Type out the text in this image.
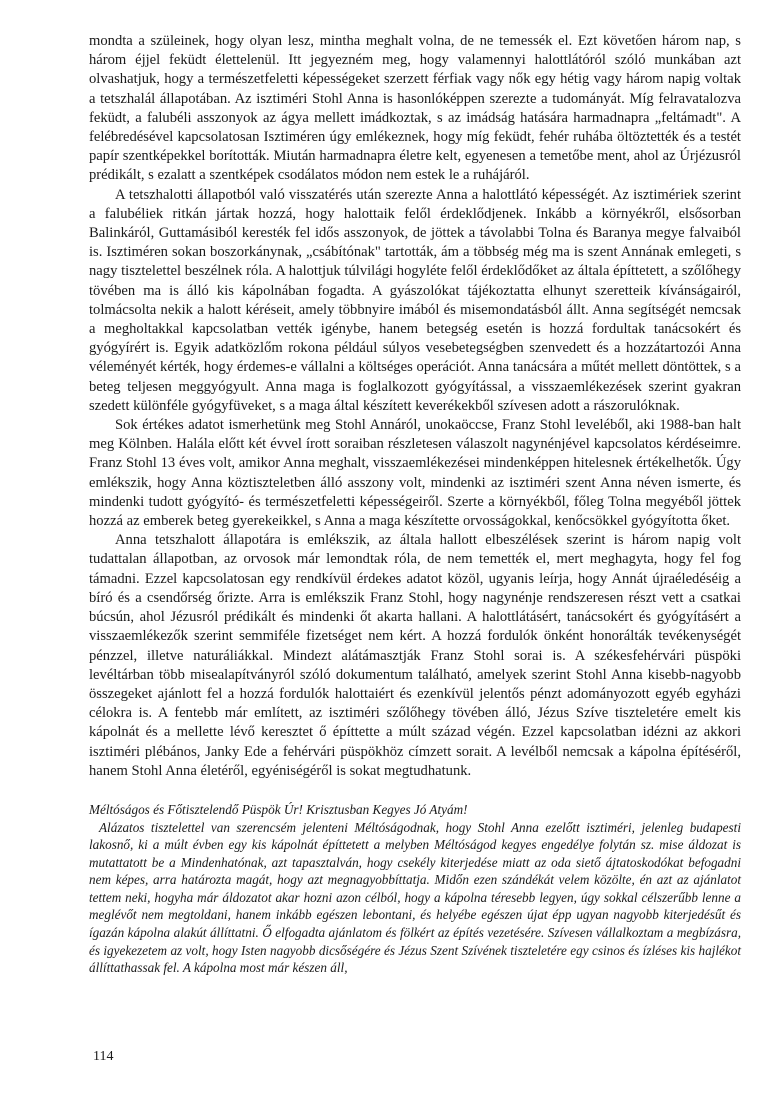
mondta a szüleinek, hogy olyan lesz, mintha meghalt volna, de ne temessék el. Ezt követően három nap, s három éjjel feküdt élettelenül. Itt jegyezném meg, hogy valamennyi halottlátóról szóló munkában azt olvashatjuk, hogy a természetfeletti képességeket szerzett férfiak vagy nők egy hétig vagy három napig voltak a tetszhalál állapotában. Az isztiméri Stohl Anna is hasonlóképpen szerezte a tudományát. Míg felravatalozva feküdt, a falubéli asszonyok az ágya mellett imádkoztak, s az imádság hatására harmadnapra „feltámadt". A felébredésével kapcsolatosan Isztiméren úgy emlékeznek, hogy míg feküdt, fehér ruhába öltöztették és a testét papír szentképekkel borították. Miután harmadnapra életre kelt, egyenesen a temetőbe ment, ahol az Úrjézusról prédikált, s ezalatt a szentképek csodálatos módon nem estek le a ruhájáról.

A tetszhalotti állapotból való visszatérés után szerezte Anna a halottlátó képességét. Az isztimériek szerint a falubéliek ritkán jártak hozzá, hogy halottaik felől érdeklődjenek. Inkább a környékről, elsősorban Balinkáról, Guttamásiból keresték fel idős asszonyok, de jöttek a távolabbi Tolna és Baranya megye falvaiból is. Isztiméren sokan boszorkánynak, „csábítónak" tartották, ám a többség még ma is szent Annának emlegeti, s nagy tisztelettel beszélnek róla. A halottjuk túlvilági hogyléte felől érdeklődőket az általa építtetett, a szőlőhegy tövében ma is álló kis kápolnában fogadta. A gyászolókat tájékoztatta elhunyt szeretteik kívánságairól, tolmácsolta nekik a halott kéréseit, amely többnyire imából és misemondatásból állt. Anna segítségét nemcsak a megholtakkal kapcsolatban vették igénybe, hanem betegség esetén is hozzá fordultak tanácsokért és gyógyírért is. Egyik adatközlőm rokona például súlyos vesebetegségben szenvedett és a hozzátartozói Anna véleményét kérték, hogy érdemes-e vállalni a költséges operációt. Anna tanácsára a műtét mellett döntöttek, s a beteg teljesen meggyógyult. Anna maga is foglalkozott gyógyítással, a visszaemlékezések szerint gyakran szedett különféle gyógyfüveket, s a maga által készített keverékekből szívesen adott a rászorulóknak.

Sok értékes adatot ismerhetünk meg Stohl Annáról, unokaöccse, Franz Stohl leveléből, aki 1988-ban halt meg Kölnben. Halála előtt két évvel írott soraiban részletesen válaszolt nagynénjével kapcsolatos kérdéseimre. Franz Stohl 13 éves volt, amikor Anna meghalt, visszaemlékezései mindenképpen hitelesnek értékelhetők. Úgy emlékszik, hogy Anna köztiszteletben álló asszony volt, mindenki az isztiméri szent Anna néven ismerte, és mindenki tudott gyógyító- és természetfeletti képességeiről. Szerte a környékből, főleg Tolna megyéből jöttek hozzá az emberek beteg gyerekeikkel, s Anna a maga készítette orvosságokkal, kenőcsökkel gyógyította őket.

Anna tetszhalott állapotára is emlékszik, az általa hallott elbeszélések szerint is három napig volt tudattalan állapotban, az orvosok már lemondtak róla, de nem temették el, mert meghagyta, hogy fel fog támadni. Ezzel kapcsolatosan egy rendkívül érdekes adatot közöl, ugyanis leírja, hogy Annát újraéledéséig a bíró és a csendőrség őrizte. Arra is emlékszik Franz Stohl, hogy nagynénje rendszeresen részt vett a csatkai búcsún, ahol Jézusról prédikált és mindenki őt akarta hallani. A halottlátásért, tanácsokért és gyógyításért a visszaemlékezők szerint semmiféle fizetséget nem kért. A hozzá fordulók önként honorálták tevékenységét pénzzel, illetve naturáliákkal. Mindezt alátámasztják Franz Stohl sorai is. A székesfehérvári püspöki levéltárban több misealapítványról szóló dokumentum található, amelyek szerint Stohl Anna kisebb-nagyobb összegeket ajánlott fel a hozzá fordulók halottaiért és ezenkívül jelentős pénzt adományozott egyéb egyházi célokra is. A fentebb már említett, az isztiméri szőlőhegy tövében álló, Jézus Szíve tiszteletére emelt kis kápolnát és a mellette lévő keresztet ő építtette a múlt század végén. Ezzel kapcsolatban idézni az akkori isztiméri plébános, Janky Ede a fehérvári püspökhöz címzett sorait. A levélből nemcsak a kápolna építéséről, hanem Stohl Anna életéről, egyéniségéről is sokat megtudhatunk.

Méltóságos és Főtisztelendő Püspök Úr! Krisztusban Kegyes Jó Atyám!

Alázatos tisztelettel van szerencsém jelenteni Méltóságodnak, hogy Stohl Anna ezelőtt isztiméri, jelenleg budapesti lakosnő, ki a múlt évben egy kis kápolnát építtetett a melyben Méltóságod kegyes engedélye folytán sz. mise áldozat is mutattatott be a Mindenhatónak, azt tapasztalván, hogy csekély kiterjedése miatt az oda siető ájtatoskodókat befogadni nem képes, arra határozta magát, hogy azt megnagyobbíttatja. Midőn ezen szándékát velem közölte, én azt az ajánlatot tettem neki, hogyha már áldozatot akar hozni azon célból, hogy a kápolna téresebb legyen, úgy sokkal célszerűbb lenne a meglévőt nem megtoldani, hanem inkább egészen lebontani, és helyébe egészen újat épp ugyan nagyobb kiterjedésűt és ígazán kápolna alakút állíttatni. Ő elfogadta ajánlatom és fölkért az építés vezetésére. Szívesen vállalkoztam a megbízásra, és igyekezetem az volt, hogy Isten nagyobb dicsőségére és Jézus Szent Szívének tiszteletére egy csinos és ízléses kis hajlékot állíttathassak fel. A kápolna most már készen áll,

114
